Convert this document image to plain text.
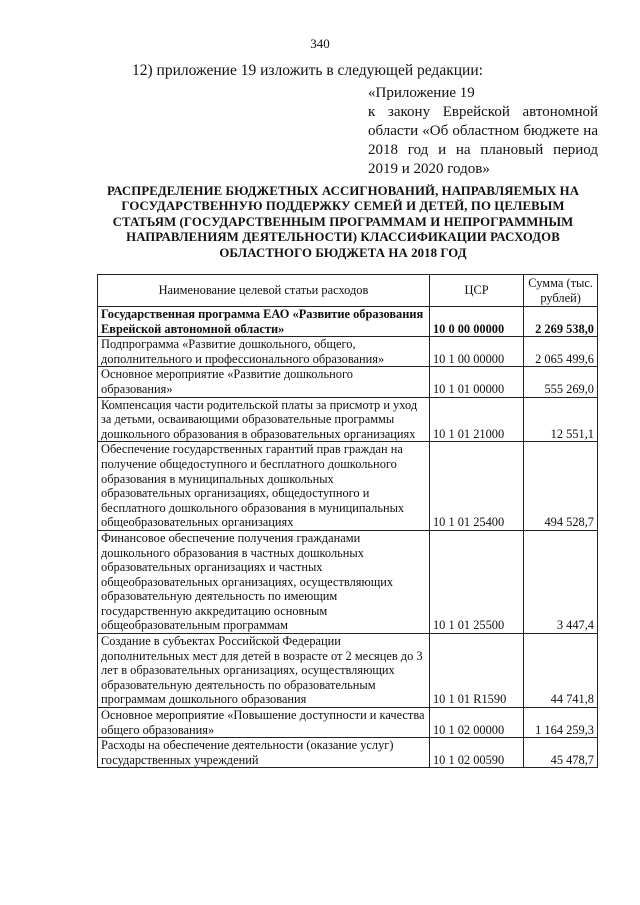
340
12) приложение 19 изложить в следующей редакции:
«Приложение 19
к закону Еврейской автономной области «Об областном бюджете на 2018 год и на плановый период 2019 и 2020 годов»
РАСПРЕДЕЛЕНИЕ БЮДЖЕТНЫХ АССИГНОВАНИЙ, НАПРАВЛЯЕМЫХ НА ГОСУДАРСТВЕННУЮ ПОДДЕРЖКУ СЕМЕЙ И ДЕТЕЙ, ПО ЦЕЛЕВЫМ СТАТЬЯМ (ГОСУДАРСТВЕННЫМ ПРОГРАММАМ И НЕПРОГРАММНЫМ НАПРАВЛЕНИЯМ ДЕЯТЕЛЬНОСТИ) КЛАССИФИКАЦИИ РАСХОДОВ ОБЛАСТНОГО БЮДЖЕТА НА 2018 ГОД
Наименование целевой статьи расходов	ЦСР	Сумма (тыс. рублей)
Государственная программа ЕАО «Развитие образования Еврейской автономной области»	10 0 00 00000	2 269 538,0
Подпрограмма «Развитие дошкольного, общего, дополнительного и профессионального образования»	10 1 00 00000	2 065 499,6
Основное мероприятие «Развитие дошкольного образования»	10 1 01 00000	555 269,0
Компенсация части родительской платы за присмотр и уход за детьми, осваивающими образовательные программы дошкольного образования в образовательных организациях	10 1 01 21000	12 551,1
Обеспечение государственных гарантий прав граждан на получение общедоступного и бесплатного дошкольного образования в муниципальных дошкольных образовательных организациях, общедоступного и бесплатного дошкольного образования в муниципальных общеобразовательных организациях	10 1 01 25400	494 528,7
Финансовое обеспечение получения гражданами дошкольного образования в частных дошкольных образовательных организациях и частных общеобразовательных организациях, осуществляющих образовательную деятельность по имеющим государственную аккредитацию основным общеобразовательным программам	10 1 01 25500	3 447,4
Создание в субъектах Российской Федерации дополнительных мест для детей в возрасте от 2 месяцев до 3 лет в образовательных организациях, осуществляющих образовательную деятельность по образовательным программам дошкольного образования	10 1 01 R1590	44 741,8
Основное мероприятие «Повышение доступности и качества общего образования»	10 1 02 00000	1 164 259,3
Расходы на обеспечение деятельности (оказание услуг) государственных учреждений	10 1 02 00590	45 478,7
